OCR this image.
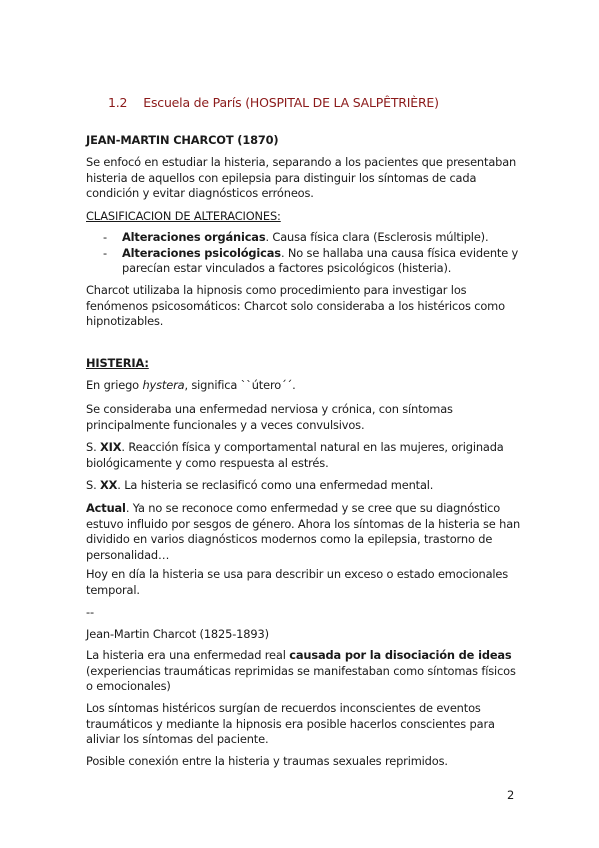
1.2 Escuela de París (HOSPITAL DE LA SALPÊTRIÈRE)
JEAN-MARTIN CHARCOT (1870)
Se enfocó en estudiar la histeria, separando a los pacientes que presentaban histeria de aquellos con epilepsia para distinguir los síntomas de cada condición y evitar diagnósticos erróneos.
CLASIFICACION DE ALTERACIONES:
- Alteraciones orgánicas. Causa física clara (Esclerosis múltiple).
- Alteraciones psicológicas. No se hallaba una causa física evidente y parecían estar vinculados a factores psicológicos (histeria).
Charcot utilizaba la hipnosis como procedimiento para investigar los fenómenos psicosomáticos: Charcot solo consideraba a los histéricos como hipnotizables.
HISTERIA:
En griego hystera, significa ``útero´´.
Se consideraba una enfermedad nerviosa y crónica, con síntomas principalmente funcionales y a veces convulsivos.
S. XIX. Reacción física y comportamental natural en las mujeres, originada biológicamente y como respuesta al estrés.
S. XX. La histeria se reclasificó como una enfermedad mental.
Actual. Ya no se reconoce como enfermedad y se cree que su diagnóstico estuvo influido por sesgos de género. Ahora los síntomas de la histeria se han dividido en varios diagnósticos modernos como la epilepsia, trastorno de personalidad…
Hoy en día la histeria se usa para describir un exceso o estado emocionales temporal.
--
Jean-Martin Charcot (1825-1893)
La histeria era una enfermedad real causada por la disociación de ideas (experiencias traumáticas reprimidas se manifestaban como síntomas físicos o emocionales)
Los síntomas histéricos surgían de recuerdos inconscientes de eventos traumáticos y mediante la hipnosis era posible hacerlos conscientes para aliviar los síntomas del paciente.
Posible conexión entre la histeria y traumas sexuales reprimidos.
2
